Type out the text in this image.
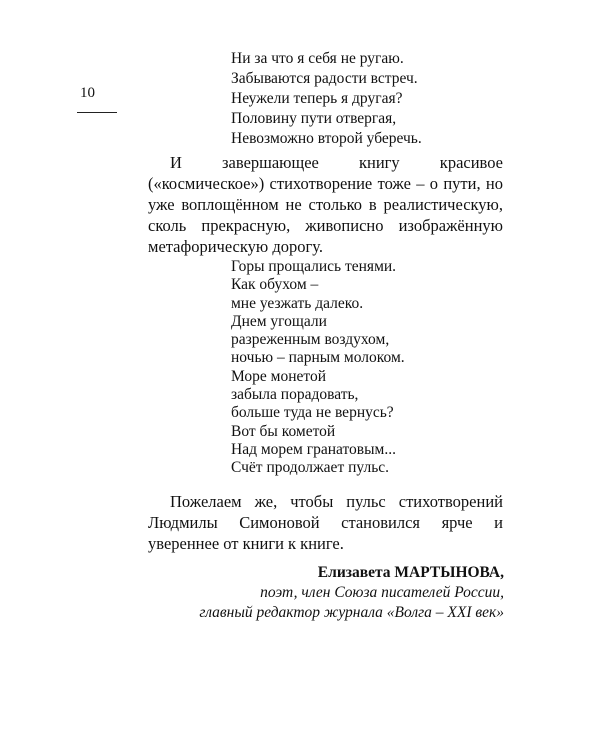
10
Ни за что я себя не ругаю.
Забываются радости встреч.
Неужели теперь я другая?
Половину пути отвергая,
Невозможно второй уберечь.

И завершающее книгу красивое («космическое») стихотворение тоже – о пути, но уже воплощённом не столько в реалистическую, сколь прекрасную, живописно изображённую метафорическую дорогу.

Горы прощались тенями.
Как обухом –
мне уезжать далеко.
Днем угощали
разреженным воздухом,
ночью – парным молоком.
Море монетой
забыла порадовать,
больше туда не вернусь?
Вот бы кометой
Над морем гранатовым...
Счёт продолжает пульс.

Пожелаем же, чтобы пульс стихотворений Людмилы Симоновой становился ярче и увереннее от книги к книге.

Елизавета МАРТЫНОВА,
поэт, член Союза писателей России,
главный редактор журнала «Волга – XXI век»
